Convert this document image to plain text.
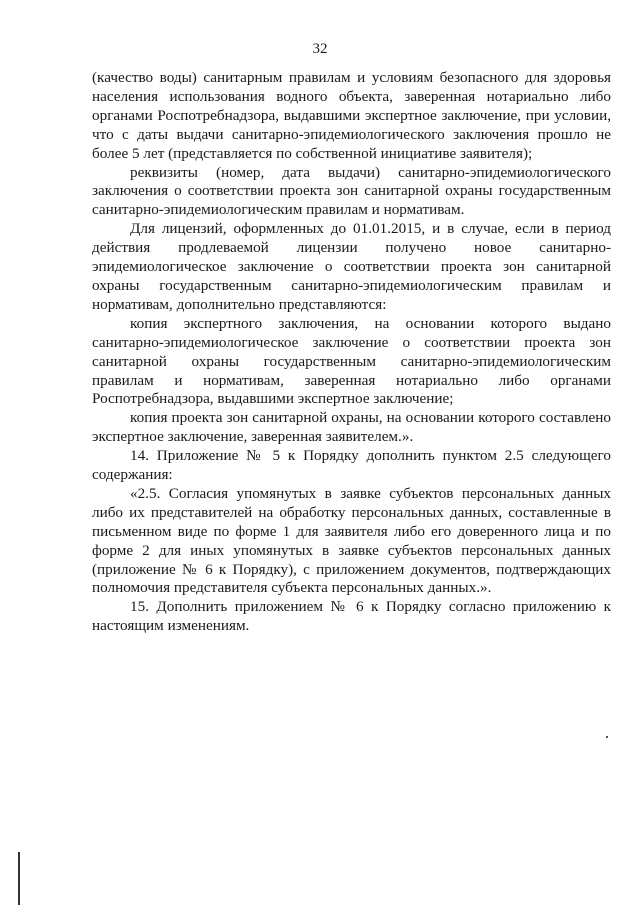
32

(качество воды) санитарным правилам и условиям безопасного для здоровья населения использования водного объекта, заверенная нотариально либо органами Роспотребнадзора, выдавшими экспертное заключение, при условии, что с даты выдачи санитарно-эпидемиологического заключения прошло не более 5 лет (представляется по собственной инициативе заявителя);

реквизиты (номер, дата выдачи) санитарно-эпидемиологического заключения о соответствии проекта зон санитарной охраны государственным санитарно-эпидемиологическим правилам и нормативам.

Для лицензий, оформленных до 01.01.2015, и в случае, если в период действия продлеваемой лицензии получено новое санитарно-эпидемиологическое заключение о соответствии проекта зон санитарной охраны государственным санитарно-эпидемиологическим правилам и нормативам, дополнительно представляются:

копия экспертного заключения, на основании которого выдано санитарно-эпидемиологическое заключение о соответствии проекта зон санитарной охраны государственным санитарно-эпидемиологическим правилам и нормативам, заверенная нотариально либо органами Роспотребнадзора, выдавшими экспертное заключение;

копия проекта зон санитарной охраны, на основании которого составлено экспертное заключение, заверенная заявителем.».

14. Приложение № 5 к Порядку дополнить пунктом 2.5 следующего содержания:

«2.5. Согласия упомянутых в заявке субъектов персональных данных либо их представителей на обработку персональных данных, составленные в письменном виде по форме 1 для заявителя либо его доверенного лица и по форме 2 для иных упомянутых в заявке субъектов персональных данных (приложение № 6 к Порядку), с приложением документов, подтверждающих полномочия представителя субъекта персональных данных.».

15. Дополнить приложением № 6 к Порядку согласно приложению к настоящим изменениям.
